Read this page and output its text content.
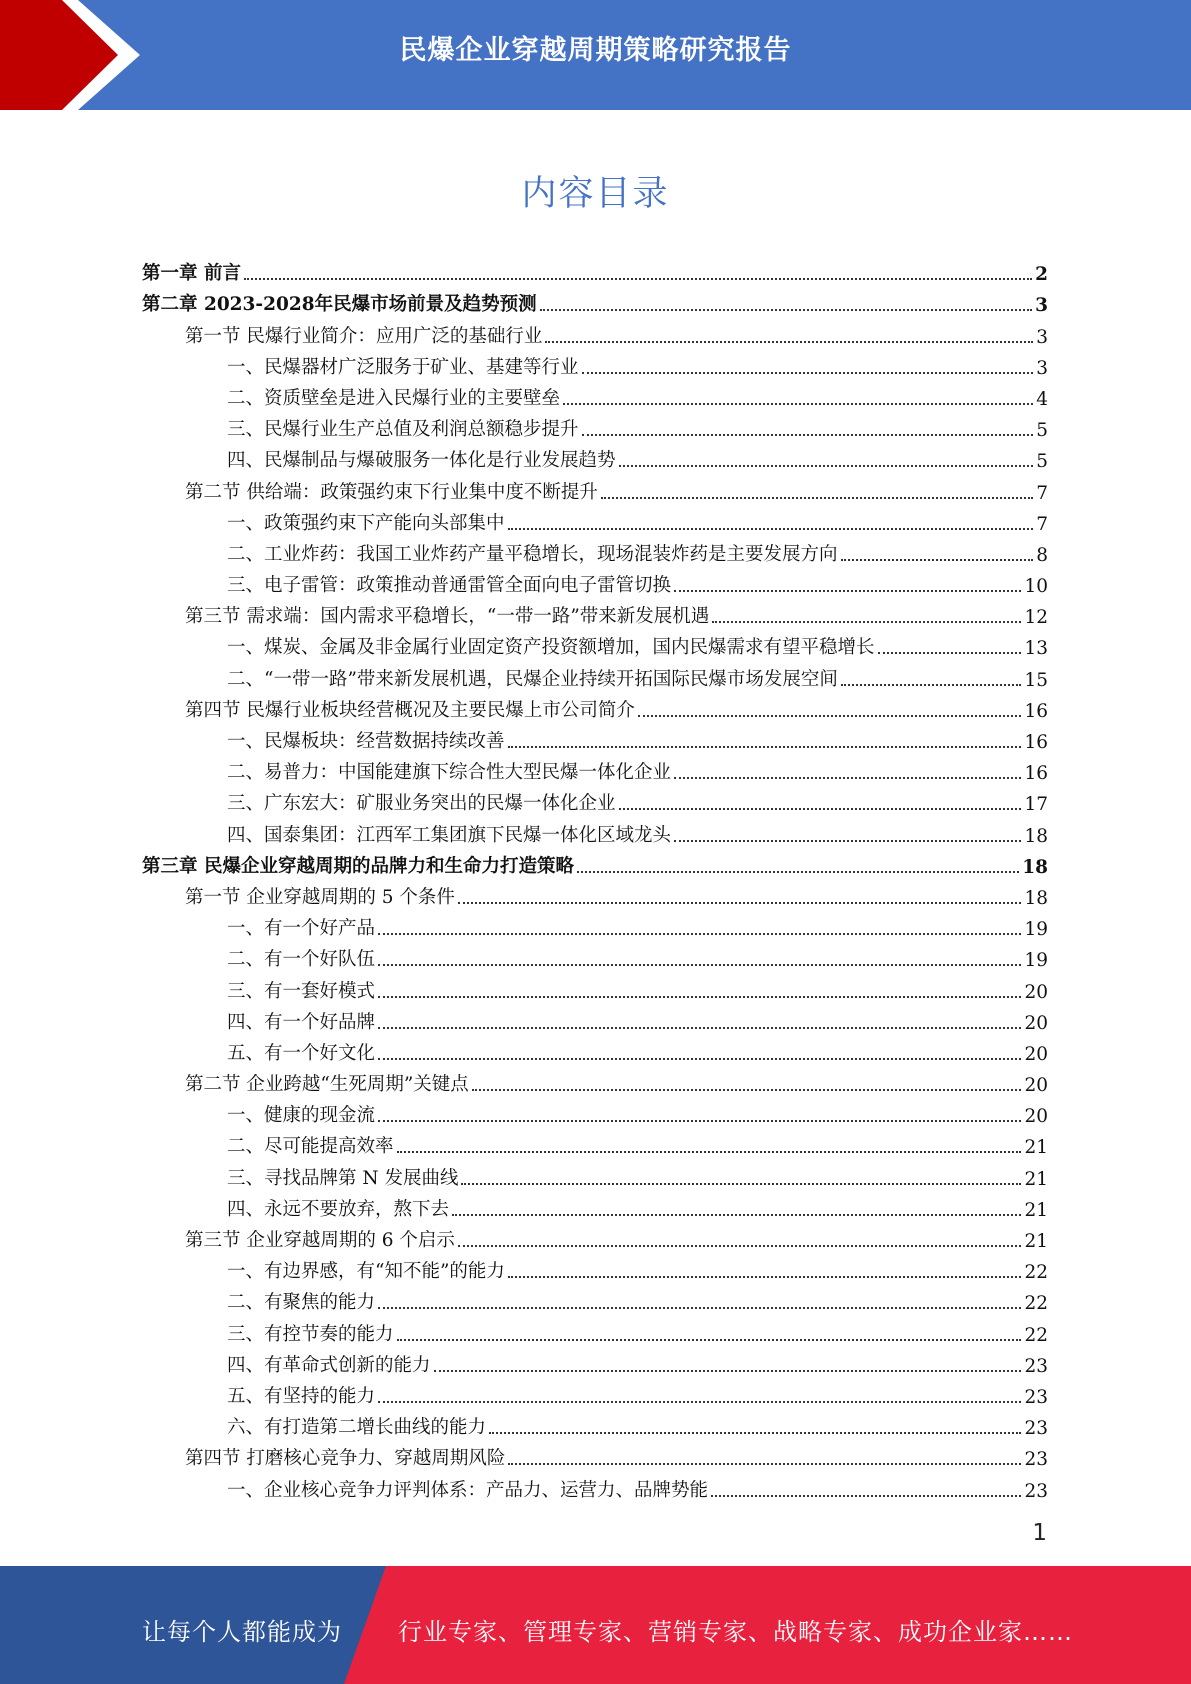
民爆企业穿越周期策略研究报告
内容目录
第一章 前言	2
第二章 2023-2028年民爆市场前景及趋势预测	3
第一节 民爆行业简介：应用广泛的基础行业	3
一、民爆器材广泛服务于矿业、基建等行业	3
二、资质壁垒是进入民爆行业的主要壁垒	4
三、民爆行业生产总值及利润总额稳步提升	5
四、民爆制品与爆破服务一体化是行业发展趋势	5
第二节 供给端：政策强约束下行业集中度不断提升	7
一、政策强约束下产能向头部集中	7
二、工业炸药：我国工业炸药产量平稳增长，现场混装炸药是主要发展方向	8
三、电子雷管：政策推动普通雷管全面向电子雷管切换	10
第三节 需求端：国内需求平稳增长，“一带一路”带来新发展机遇	12
一、煤炭、金属及非金属行业固定资产投资额增加，国内民爆需求有望平稳增长	13
二、“一带一路”带来新发展机遇，民爆企业持续开拓国际民爆市场发展空间	15
第四节 民爆行业板块经营概况及主要民爆上市公司简介	16
一、民爆板块：经营数据持续改善	16
二、易普力：中国能建旗下综合性大型民爆一体化企业	16
三、广东宏大：矿服业务突出的民爆一体化企业	17
四、国泰集团：江西军工集团旗下民爆一体化区域龙头	18
第三章 民爆企业穿越周期的品牌力和生命力打造策略	18
第一节 企业穿越周期的 5 个条件	18
一、有一个好产品	19
二、有一个好队伍	19
三、有一套好模式	20
四、有一个好品牌	20
五、有一个好文化	20
第二节 企业跨越“生死周期”关键点	20
一、健康的现金流	20
二、尽可能提高效率	21
三、寻找品牌第 N 发展曲线	21
四、永远不要放弃，熬下去	21
第三节 企业穿越周期的 6 个启示	21
一、有边界感，有“知不能”的能力	22
二、有聚焦的能力	22
三、有控节奏的能力	22
四、有革命式创新的能力	23
五、有坚持的能力	23
六、有打造第二增长曲线的能力	23
第四节 打磨核心竞争力、穿越周期风险	23
一、企业核心竞争力评判体系：产品力、运营力、品牌势能	23
1
让每个人都能成为 行业专家、管理专家、营销专家、战略专家、成功企业家……
